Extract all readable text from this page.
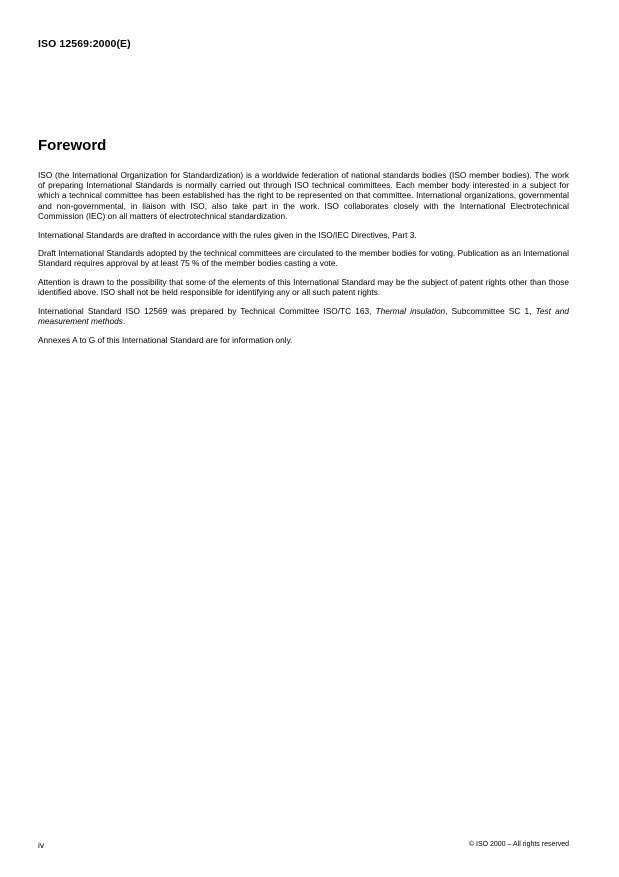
ISO 12569:2000(E)
Foreword

ISO (the International Organization for Standardization) is a worldwide federation of national standards bodies (ISO member bodies). The work of preparing International Standards is normally carried out through ISO technical committees. Each member body interested in a subject for which a technical committee has been established has the right to be represented on that committee. International organizations, governmental and non-governmental, in liaison with ISO, also take part in the work. ISO collaborates closely with the International Electrotechnical Commission (IEC) on all matters of electrotechnical standardization.

International Standards are drafted in accordance with the rules given in the ISO/IEC Directives, Part 3.

Draft International Standards adopted by the technical committees are circulated to the member bodies for voting. Publication as an International Standard requires approval by at least 75 % of the member bodies casting a vote.

Attention is drawn to the possibility that some of the elements of this International Standard may be the subject of patent rights other than those identified above. ISO shall not be held responsible for identifying any or all such patent rights.

International Standard ISO 12569 was prepared by Technical Committee ISO/TC 163, Thermal insulation, Subcommittee SC 1, Test and measurement methods.

Annexes A to G of this International Standard are for information only.

iv	© ISO 2000 – All rights reserved
